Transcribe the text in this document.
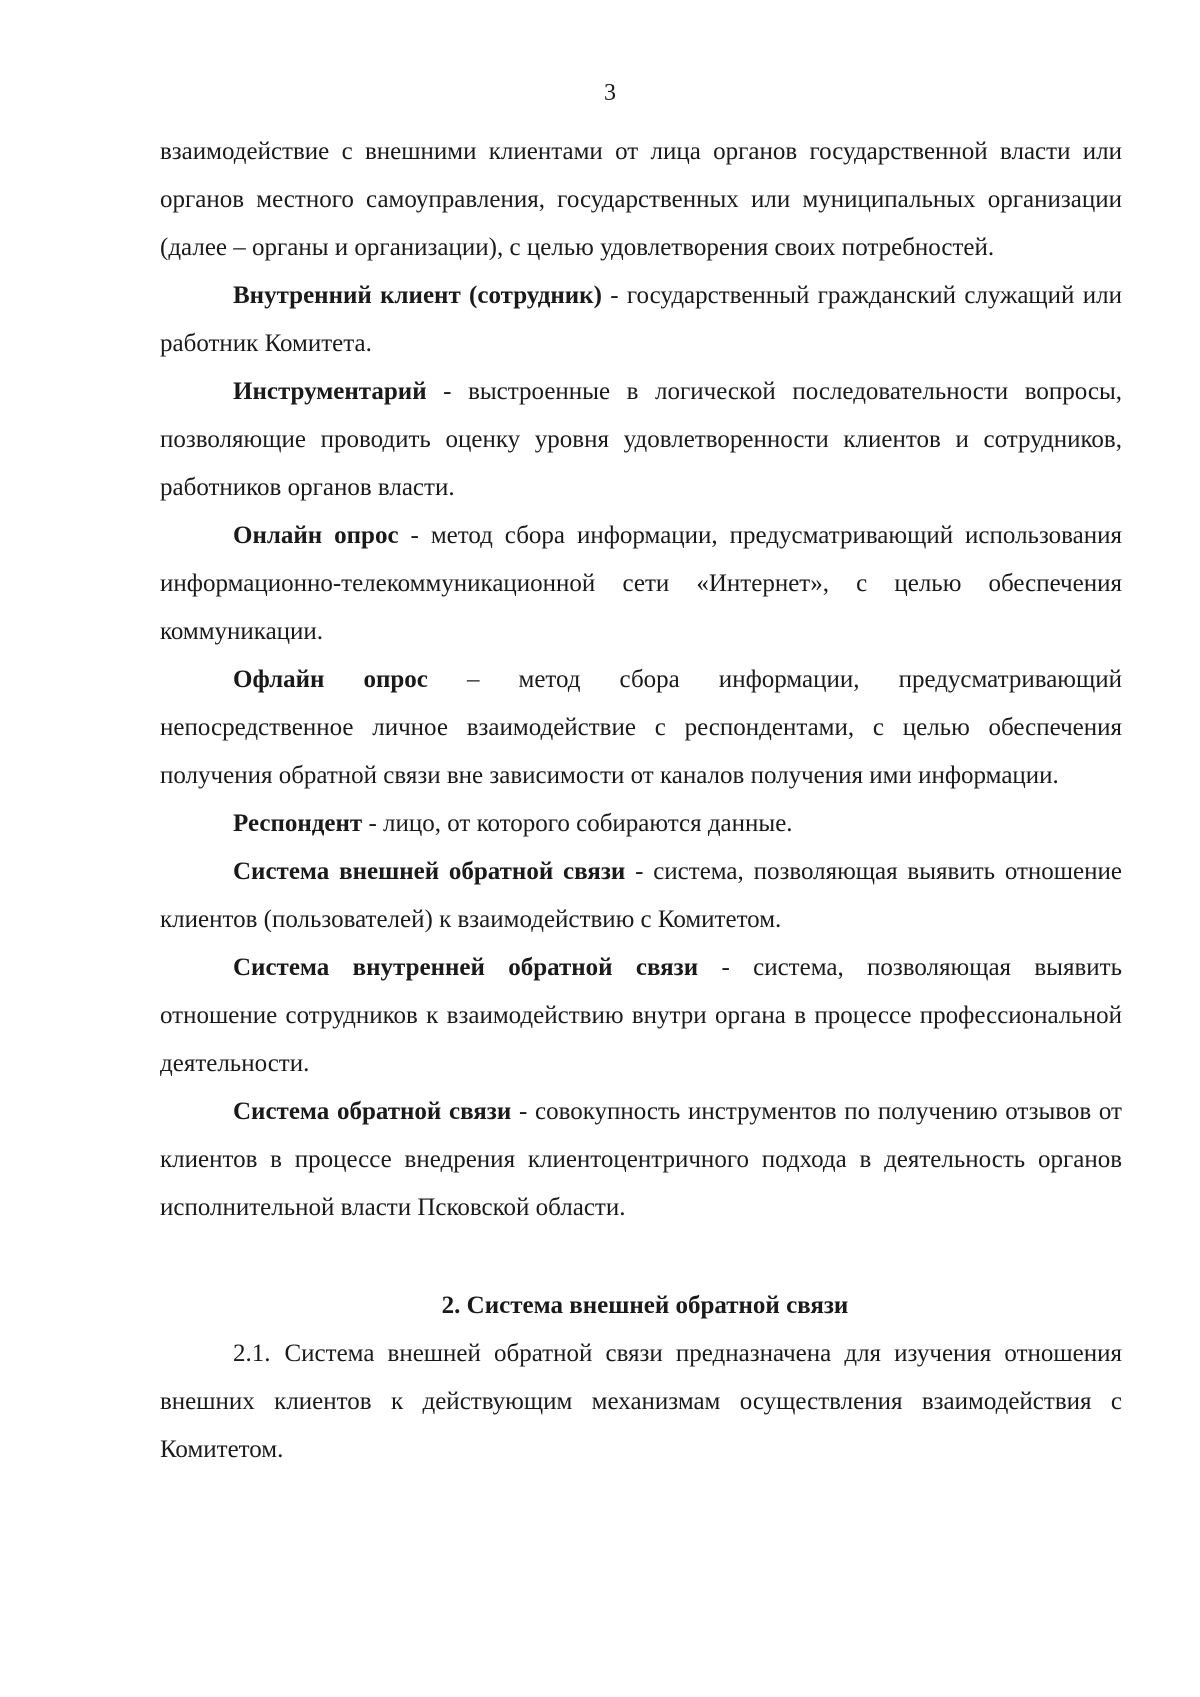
3

взаимодействие с внешними клиентами от лица органов государственной власти или органов местного самоуправления, государственных или муниципальных организации (далее – органы и организации), с целью удовлетворения своих потребностей.

Внутренний клиент (сотрудник) - государственный гражданский служащий или работник Комитета.

Инструментарий - выстроенные в логической последовательности вопросы, позволяющие проводить оценку уровня удовлетворенности клиентов и сотрудников, работников органов власти.

Онлайн опрос - метод сбора информации, предусматривающий использования информационно-телекоммуникационной сети «Интернет», с целью обеспечения коммуникации.

Офлайн опрос – метод сбора информации, предусматривающий непосредственное личное взаимодействие с респондентами, с целью обеспечения получения обратной связи вне зависимости от каналов получения ими информации.

Респондент - лицо, от которого собираются данные.

Система внешней обратной связи - система, позволяющая выявить отношение клиентов (пользователей) к взаимодействию с Комитетом.

Система внутренней обратной связи - система, позволяющая выявить отношение сотрудников к взаимодействию внутри органа в процессе профессиональной деятельности.

Система обратной связи - совокупность инструментов по получению отзывов от клиентов в процессе внедрения клиентоцентричного подхода в деятельность органов исполнительной власти Псковской области.

2. Система внешней обратной связи

2.1. Система внешней обратной связи предназначена для изучения отношения внешних клиентов к действующим механизмам осуществления взаимодействия с Комитетом.
